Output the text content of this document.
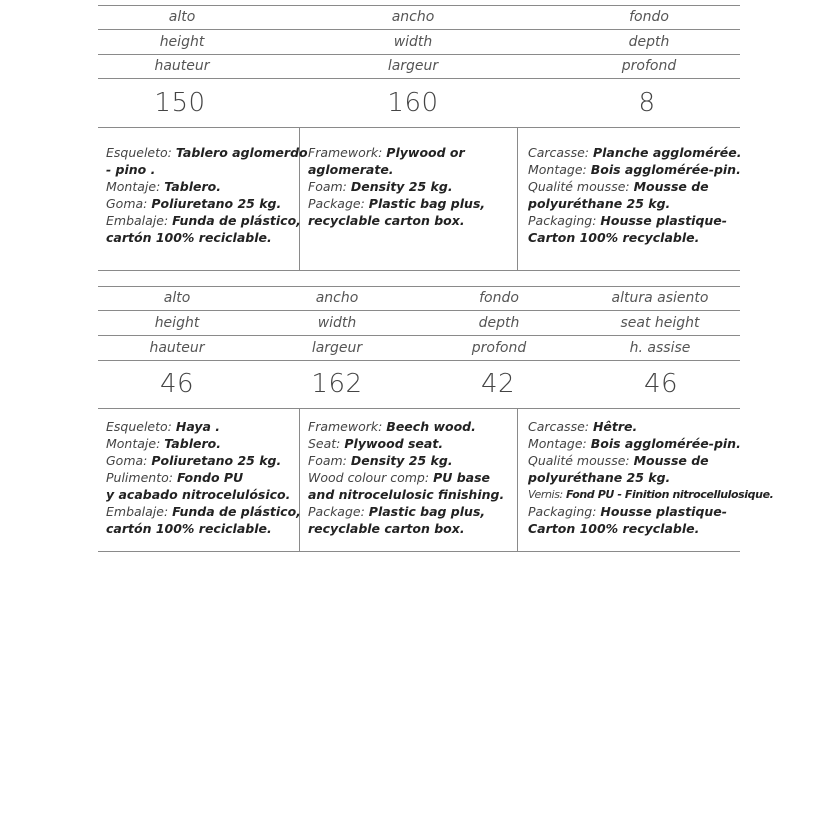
alto	ancho	fondo
height	width	depth
hauteur	largeur	profond
150	160	8
Esqueleto: Tablero aglomerdo
- pino .
Montaje: Tablero.
Goma: Poliuretano 25 kg.
Embalaje: Funda de plástico,
cartón 100% reciclable.
Framework: Plywood or
aglomerate.
Foam: Density 25 kg.
Package: Plastic bag plus,
recyclable carton box.
Carcasse: Planche agglomérée.
Montage: Bois agglomérée-pin.
Qualité mousse: Mousse de
polyuréthane 25 kg.
Packaging: Housse plastique-
Carton 100% recyclable.
alto	ancho	fondo	altura asiento
height	width	depth	seat height
hauteur	largeur	profond	h. assise
46	162	42	46
Esqueleto: Haya .
Montaje: Tablero.
Goma: Poliuretano 25 kg.
Pulimento: Fondo PU
y acabado nitrocelulósico.
Embalaje: Funda de plástico,
cartón 100% reciclable.
Framework: Beech wood.
Seat: Plywood seat.
Foam: Density 25 kg.
Wood colour comp: PU base
and nitrocelulosic finishing.
Package: Plastic bag plus,
recyclable carton box.
Carcasse: Hêtre.
Montage: Bois agglomérée-pin.
Qualité mousse: Mousse de
polyuréthane 25 kg.
Vernis: Fond PU - Finition nitrocellulosique.
Packaging: Housse plastique-
Carton 100% recyclable.
